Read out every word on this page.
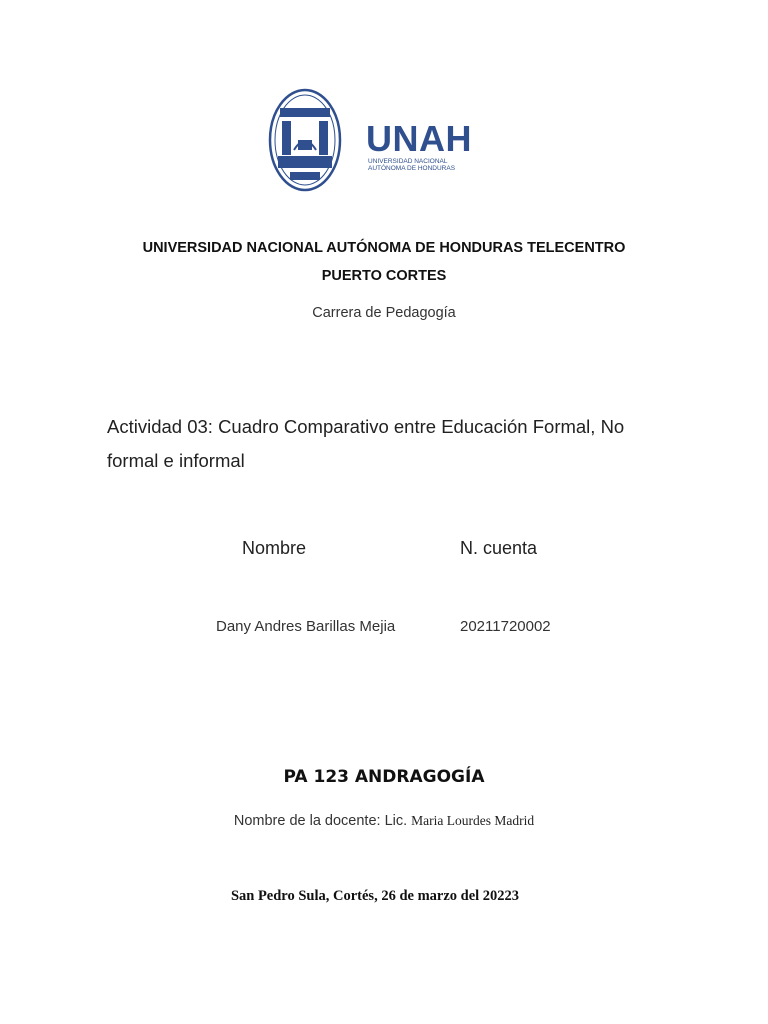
UNAH
UNIVERSIDAD NACIONAL
AUTÓNOMA DE HONDURAS
UNIVERSIDAD NACIONAL AUTÓNOMA DE HONDURAS TELECENTRO
PUERTO CORTES
Carrera de Pedagogía
Actividad 03: Cuadro Comparativo entre Educación Formal, No
formal e informal
Nombre	N. cuenta
Dany Andres Barillas Mejia	20211720002
PA 123 ANDRAGOGÍA
Nombre de la docente: Lic. Maria Lourdes Madrid
San Pedro Sula, Cortés, 26 de marzo del 20223
